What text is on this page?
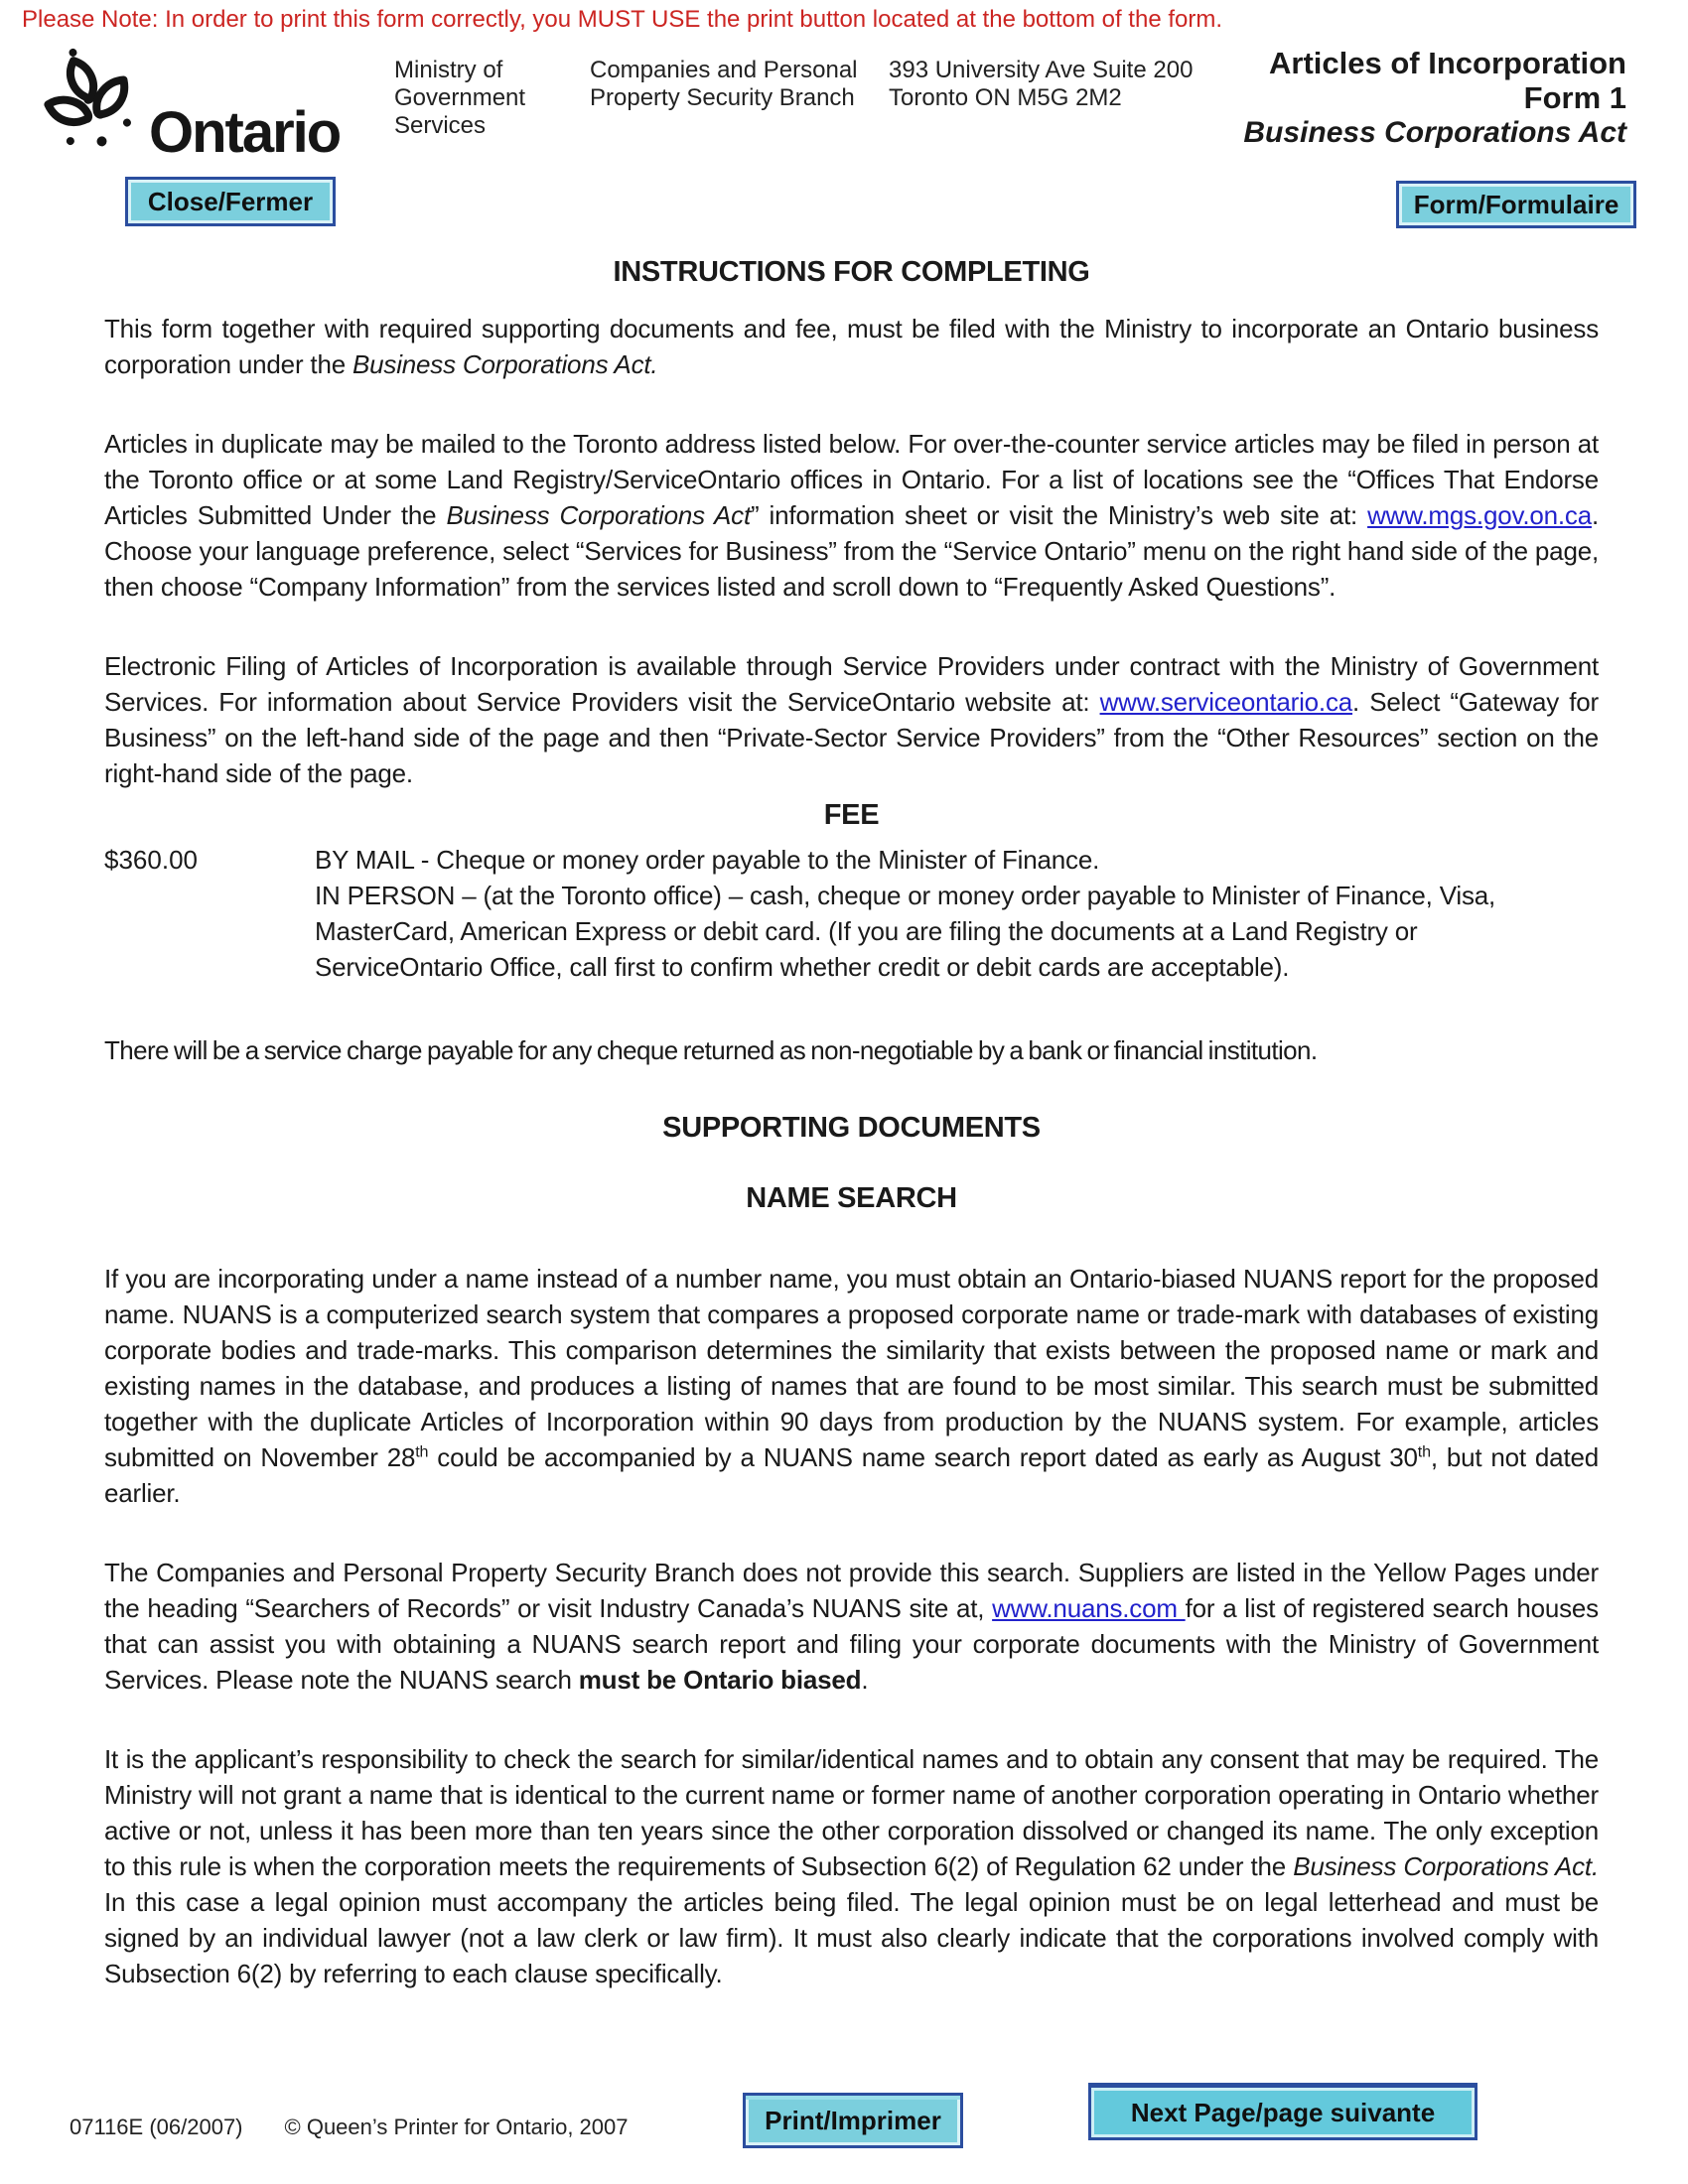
Please Note: In order to print this form correctly, you MUST USE the print button located at the bottom of the form.
Ontario
Ministry of
Government
Services
Companies and Personal
Property Security Branch
393 University Ave Suite 200
Toronto ON M5G 2M2
Articles of Incorporation
Form 1
Business Corporations Act
Close/Fermer	Form/Formulaire
INSTRUCTIONS FOR COMPLETING

This form together with required supporting documents and fee, must be filed with the Ministry to incorporate an Ontario business corporation under the Business Corporations Act.

Articles in duplicate may be mailed to the Toronto address listed below. For over-the-counter service articles may be filed in person at the Toronto office or at some Land Registry/ServiceOntario offices in Ontario. For a list of locations see the “Offices That Endorse Articles Submitted Under the Business Corporations Act” information sheet or visit the Ministry’s web site at: www.mgs.gov.on.ca. Choose your language preference, select “Services for Business” from the “Service Ontario” menu on the right hand side of the page, then choose “Company Information” from the services listed and scroll down to “Frequently Asked Questions”.

Electronic Filing of Articles of Incorporation is available through Service Providers under contract with the Ministry of Government Services. For information about Service Providers visit the ServiceOntario website at: www.serviceontario.ca. Select “Gateway for Business” on the left-hand side of the page and then “Private-Sector Service Providers” from the “Other Resources” section on the right-hand side of the page.

FEE
$360.00	BY MAIL - Cheque or money order payable to the Minister of Finance.
IN PERSON – (at the Toronto office) – cash, cheque or money order payable to Minister of Finance, Visa, MasterCard, American Express or debit card. (If you are filing the documents at a Land Registry or ServiceOntario Office, call first to confirm whether credit or debit cards are acceptable).
There will be a service charge payable for any cheque returned as non-negotiable by a bank or financial institution.
SUPPORTING DOCUMENTS
NAME SEARCH

If you are incorporating under a name instead of a number name, you must obtain an Ontario-biased NUANS report for the proposed name. NUANS is a computerized search system that compares a proposed corporate name or trade-mark with databases of existing corporate bodies and trade-marks. This comparison determines the similarity that exists between the proposed name or mark and existing names in the database, and produces a listing of names that are found to be most similar. This search must be submitted together with the duplicate Articles of Incorporation within 90 days from production by the NUANS system. For example, articles submitted on November 28th could be accompanied by a NUANS name search report dated as early as August 30th, but not dated earlier.

The Companies and Personal Property Security Branch does not provide this search. Suppliers are listed in the Yellow Pages under the heading “Searchers of Records” or visit Industry Canada’s NUANS site at, www.nuans.com for a list of registered search houses that can assist you with obtaining a NUANS search report and filing your corporate documents with the Ministry of Government Services. Please note the NUANS search must be Ontario biased.

It is the applicant’s responsibility to check the search for similar/identical names and to obtain any consent that may be required. The Ministry will not grant a name that is identical to the current name or former name of another corporation operating in Ontario whether active or not, unless it has been more than ten years since the other corporation dissolved or changed its name. The only exception to this rule is when the corporation meets the requirements of Subsection 6(2) of Regulation 62 under the Business Corporations Act. In this case a legal opinion must accompany the articles being filed. The legal opinion must be on legal letterhead and must be signed by an individual lawyer (not a law clerk or law firm). It must also clearly indicate that the corporations involved comply with Subsection 6(2) by referring to each clause specifically.

07116E (06/2007) © Queen’s Printer for Ontario, 2007	Print/Imprimer	Next Page/page suivante
